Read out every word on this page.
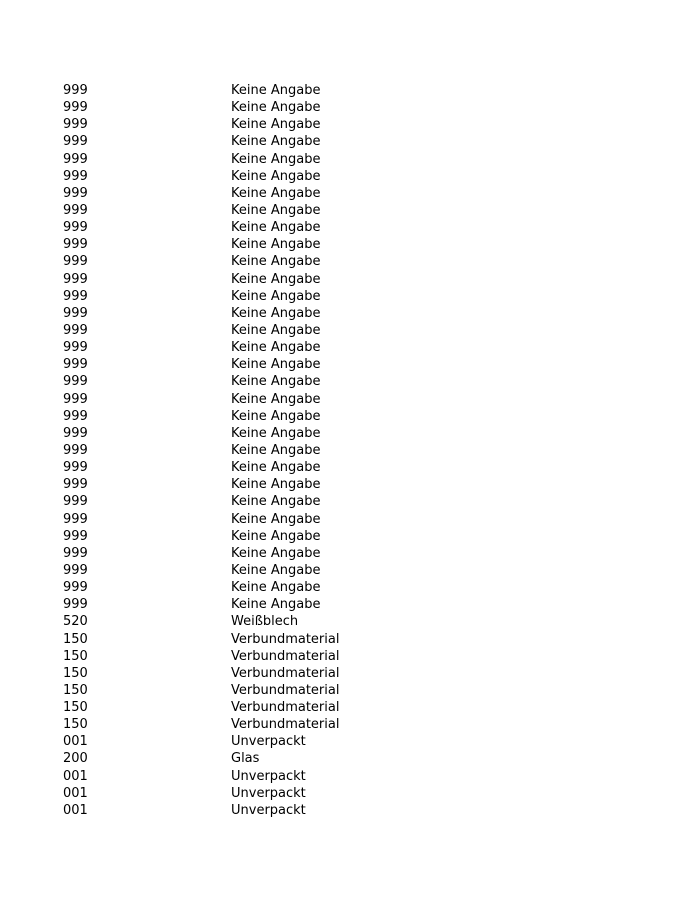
999	Keine Angabe
999	Keine Angabe
999	Keine Angabe
999	Keine Angabe
999	Keine Angabe
999	Keine Angabe
999	Keine Angabe
999	Keine Angabe
999	Keine Angabe
999	Keine Angabe
999	Keine Angabe
999	Keine Angabe
999	Keine Angabe
999	Keine Angabe
999	Keine Angabe
999	Keine Angabe
999	Keine Angabe
999	Keine Angabe
999	Keine Angabe
999	Keine Angabe
999	Keine Angabe
999	Keine Angabe
999	Keine Angabe
999	Keine Angabe
999	Keine Angabe
999	Keine Angabe
999	Keine Angabe
999	Keine Angabe
999	Keine Angabe
999	Keine Angabe
999	Keine Angabe
520	Weißblech
150	Verbundmaterial
150	Verbundmaterial
150	Verbundmaterial
150	Verbundmaterial
150	Verbundmaterial
150	Verbundmaterial
001	Unverpackt
200	Glas
001	Unverpackt
001	Unverpackt
001	Unverpackt
